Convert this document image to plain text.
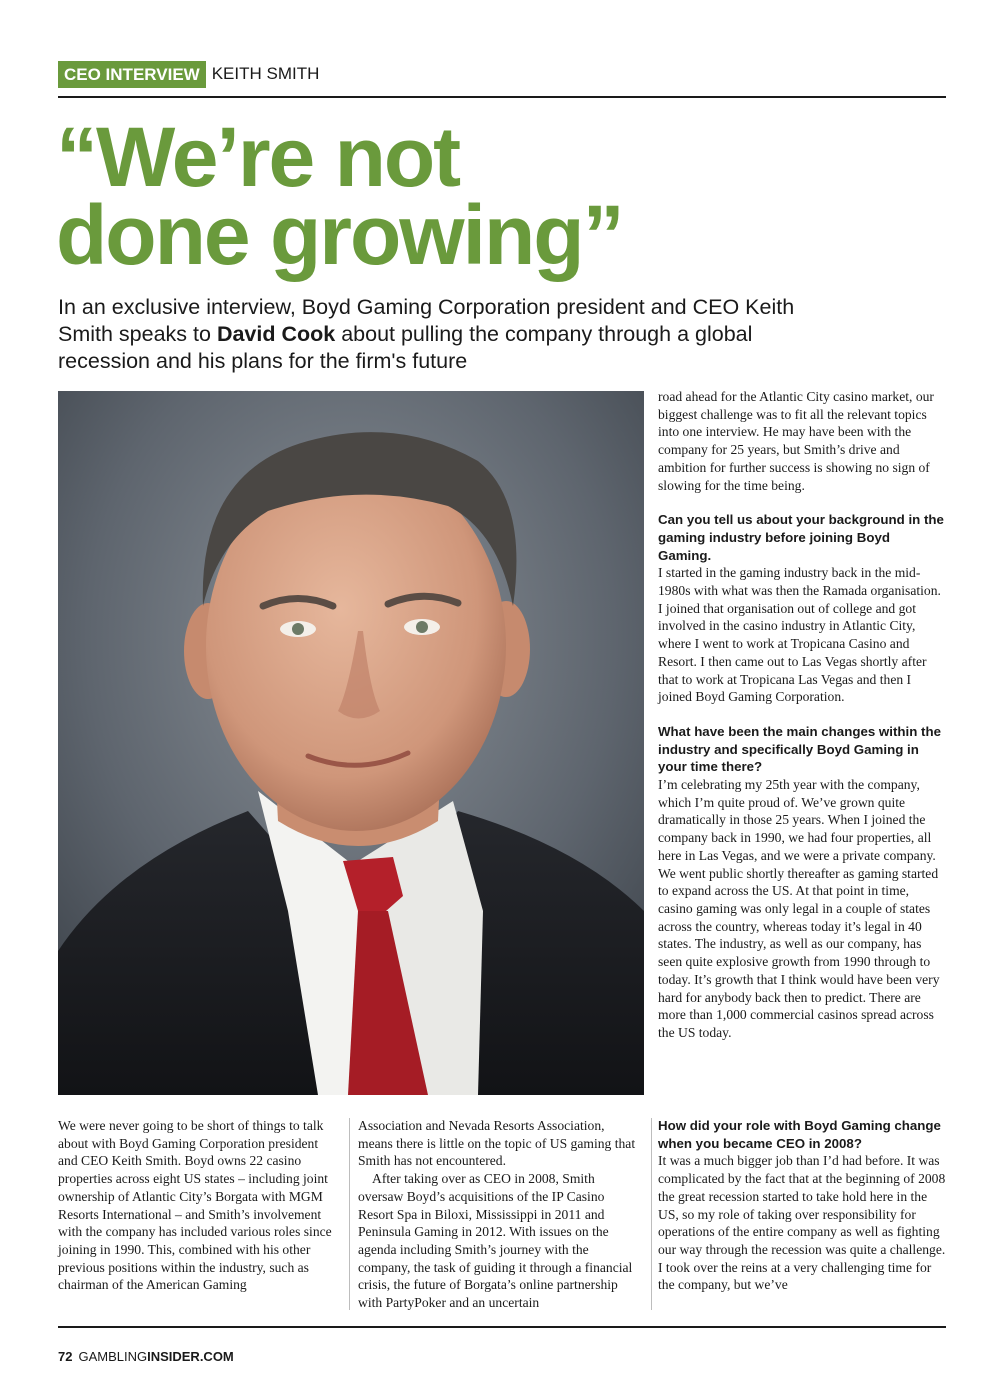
CEO INTERVIEW KEITH SMITH
“We’re not
done growing”

In an exclusive interview, Boyd Gaming Corporation president and CEO Keith Smith speaks to David Cook about pulling the company through a global recession and his plans for the firm's future

road ahead for the Atlantic City casino market, our biggest challenge was to fit all the relevant topics into one interview. He may have been with the company for 25 years, but Smith’s drive and ambition for further success is showing no sign of slowing for the time being.

Can you tell us about your background in the gaming industry before joining Boyd Gaming.

I started in the gaming industry back in the mid-1980s with what was then the Ramada organisation. I joined that organisation out of college and got involved in the casino industry in Atlantic City, where I went to work at Tropicana Casino and Resort. I then came out to Las Vegas shortly after that to work at Tropicana Las Vegas and then I joined Boyd Gaming Corporation.

What have been the main changes within the industry and specifically Boyd Gaming in your time there?

I’m celebrating my 25th year with the company, which I’m quite proud of. We’ve grown quite dramatically in those 25 years. When I joined the company back in 1990, we had four properties, all here in Las Vegas, and we were a private company. We went public shortly thereafter as gaming started to expand across the US. At that point in time, casino gaming was only legal in a couple of states across the country, whereas today it’s legal in 40 states. The industry, as well as our company, has seen quite explosive growth from 1990 through to today. It’s growth that I think would have been very hard for anybody back then to predict. There are more than 1,000 commercial casinos spread across the US today.

We were never going to be short of things to talk about with Boyd Gaming Corporation president and CEO Keith Smith. Boyd owns 22 casino properties across eight US states – including joint ownership of Atlantic City’s Borgata with MGM Resorts International – and Smith’s involvement with the company has included various roles since joining in 1990. This, combined with his other previous positions within the industry, such as chairman of the American Gaming

Association and Nevada Resorts Association, means there is little on the topic of US gaming that Smith has not encountered.

After taking over as CEO in 2008, Smith oversaw Boyd’s acquisitions of the IP Casino Resort Spa in Biloxi, Mississippi in 2011 and Peninsula Gaming in 2012. With issues on the agenda including Smith’s journey with the company, the task of guiding it through a financial crisis, the future of Borgata’s online partnership with PartyPoker and an uncertain

How did your role with Boyd Gaming change when you became CEO in 2008?

It was a much bigger job than I’d had before. It was complicated by the fact that at the beginning of 2008 the great recession started to take hold here in the US, so my role of taking over responsibility for operations of the entire company as well as fighting our way through the recession was quite a challenge. I took over the reins at a very challenging time for the company, but we’ve

72 GAMBLINGINSIDER.COM
